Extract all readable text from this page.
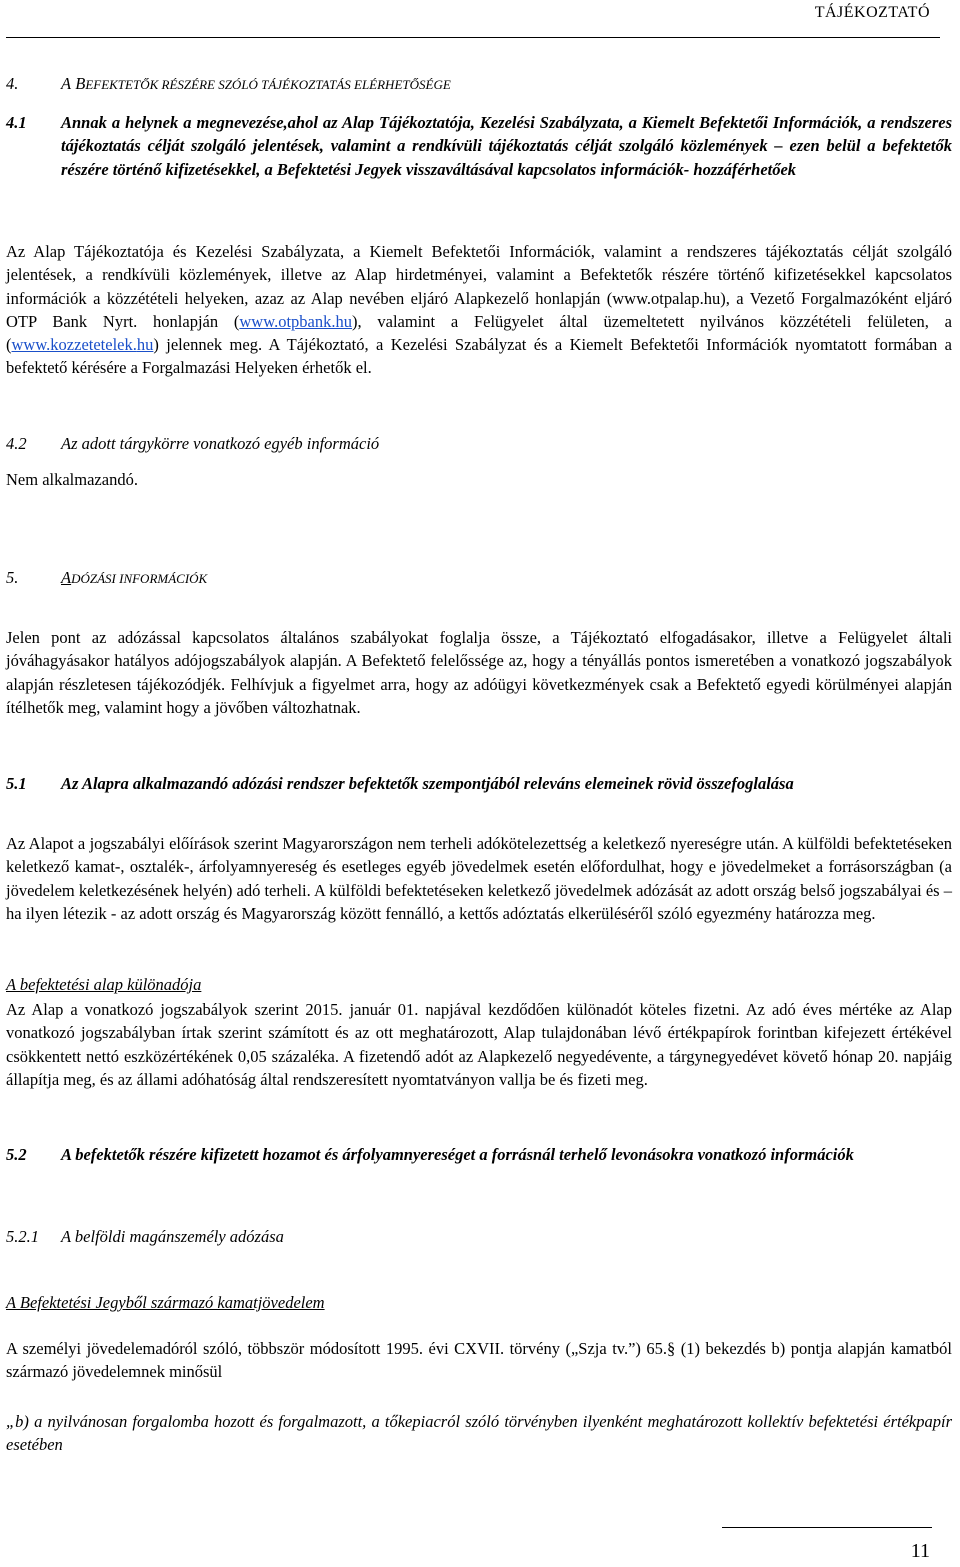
TÁJÉKOZTATÓ
4.	A BEFEKTETŐK RÉSZÉRE SZÓLÓ TÁJÉKOZTATÁS ELÉRHETŐSÉGE
4.1	Annak a helynek a megnevezése,ahol az Alap Tájékoztatója, Kezelési Szabályzata, a Kiemelt Befektetői Információk, a rendszeres tájékoztatás célját szolgáló jelentések, valamint a rendkívüli tájékoztatás célját szolgáló közlemények – ezen belül a befektetők részére történő kifizetésekkel, a Befektetési Jegyek visszaváltásával kapcsolatos információk- hozzáférhetőek

Az Alap Tájékoztatója és Kezelési Szabályzata, a Kiemelt Befektetői Információk, valamint a rendszeres tájékoztatás célját szolgáló jelentések, a rendkívüli közlemények, illetve az Alap hirdetményei, valamint a Befektetők részére történő kifizetésekkel kapcsolatos információk a közzétételi helyeken, azaz az Alap nevében eljáró Alapkezelő honlapján (www.otpalap.hu), a Vezető Forgalmazóként eljáró OTP Bank Nyrt. honlapján (www.otpbank.hu), valamint a Felügyelet által üzemeltetett nyilvános közzétételi felületen, a (www.kozzetetelek.hu) jelennek meg. A Tájékoztató, a Kezelési Szabályzat és a Kiemelt Befektetői Információk nyomtatott formában a befektető kérésére a Forgalmazási Helyeken érhetők el.

4.2 Az adott tárgykörre vonatkozó egyéb információ
Nem alkalmazandó.
5.	ADÓZÁSI INFORMÁCIÓK

Jelen pont az adózással kapcsolatos általános szabályokat foglalja össze, a Tájékoztató elfogadásakor, illetve a Felügyelet általi jóváhagyásakor hatályos adójogszabályok alapján. A Befektető felelőssége az, hogy a tényállás pontos ismeretében a vonatkozó jogszabályok alapján részletesen tájékozódjék. Felhívjuk a figyelmet arra, hogy az adóügyi következmények csak a Befektető egyedi körülményei alapján ítélhetők meg, valamint hogy a jövőben változhatnak.

5.1	Az Alapra alkalmazandó adózási rendszer befektetők szempontjából releváns elemeinek rövid összefoglalása

Az Alapot a jogszabályi előírások szerint Magyarországon nem terheli adókötelezettség a keletkező nyereségre után. A külföldi befektetéseken keletkező kamat-, osztalék-, árfolyamnyereség és esetleges egyéb jövedelmek esetén előfordulhat, hogy e jövedelmeket a forrásországban (a jövedelem keletkezésének helyén) adó terheli. A külföldi befektetéseken keletkező jövedelmek adózását az adott ország belső jogszabályai és – ha ilyen létezik - az adott ország és Magyarország között fennálló, a kettős adóztatás elkerüléséről szóló egyezmény határozza meg.

A befektetési alap különadója

Az Alap a vonatkozó jogszabályok szerint 2015. január 01. napjával kezdődően különadót köteles fizetni. Az adó éves mértéke az Alap vonatkozó jogszabályban írtak szerint számított és az ott meghatározott, Alap tulajdonában lévő értékpapírok forintban kifejezett értékével csökkentett nettó eszközértékének 0,05 százaléka. A fizetendő adót az Alapkezelő negyedévente, a tárgynegyedévet követő hónap 20. napjáig állapítja meg, és az állami adóhatóság által rendszeresített nyomtatványon vallja be és fizeti meg.

5.2	A befektetők részére kifizetett hozamot és árfolyamnyereséget a forrásnál terhelő levonásokra vonatkozó információk
5.2.1 A belföldi magánszemély adózása
A Befektetési Jegyből származó kamatjövedelem

A személyi jövedelemadóról szóló, többször módosított 1995. évi CXVII. törvény („Szja tv.”) 65.§ (1) bekezdés b) pontja alapján kamatból származó jövedelemnek minősül

„b) a nyilvánosan forgalomba hozott és forgalmazott, a tőkepiacról szóló törvényben ilyenként meghatározott kollektív befektetési értékpapír esetében

11
